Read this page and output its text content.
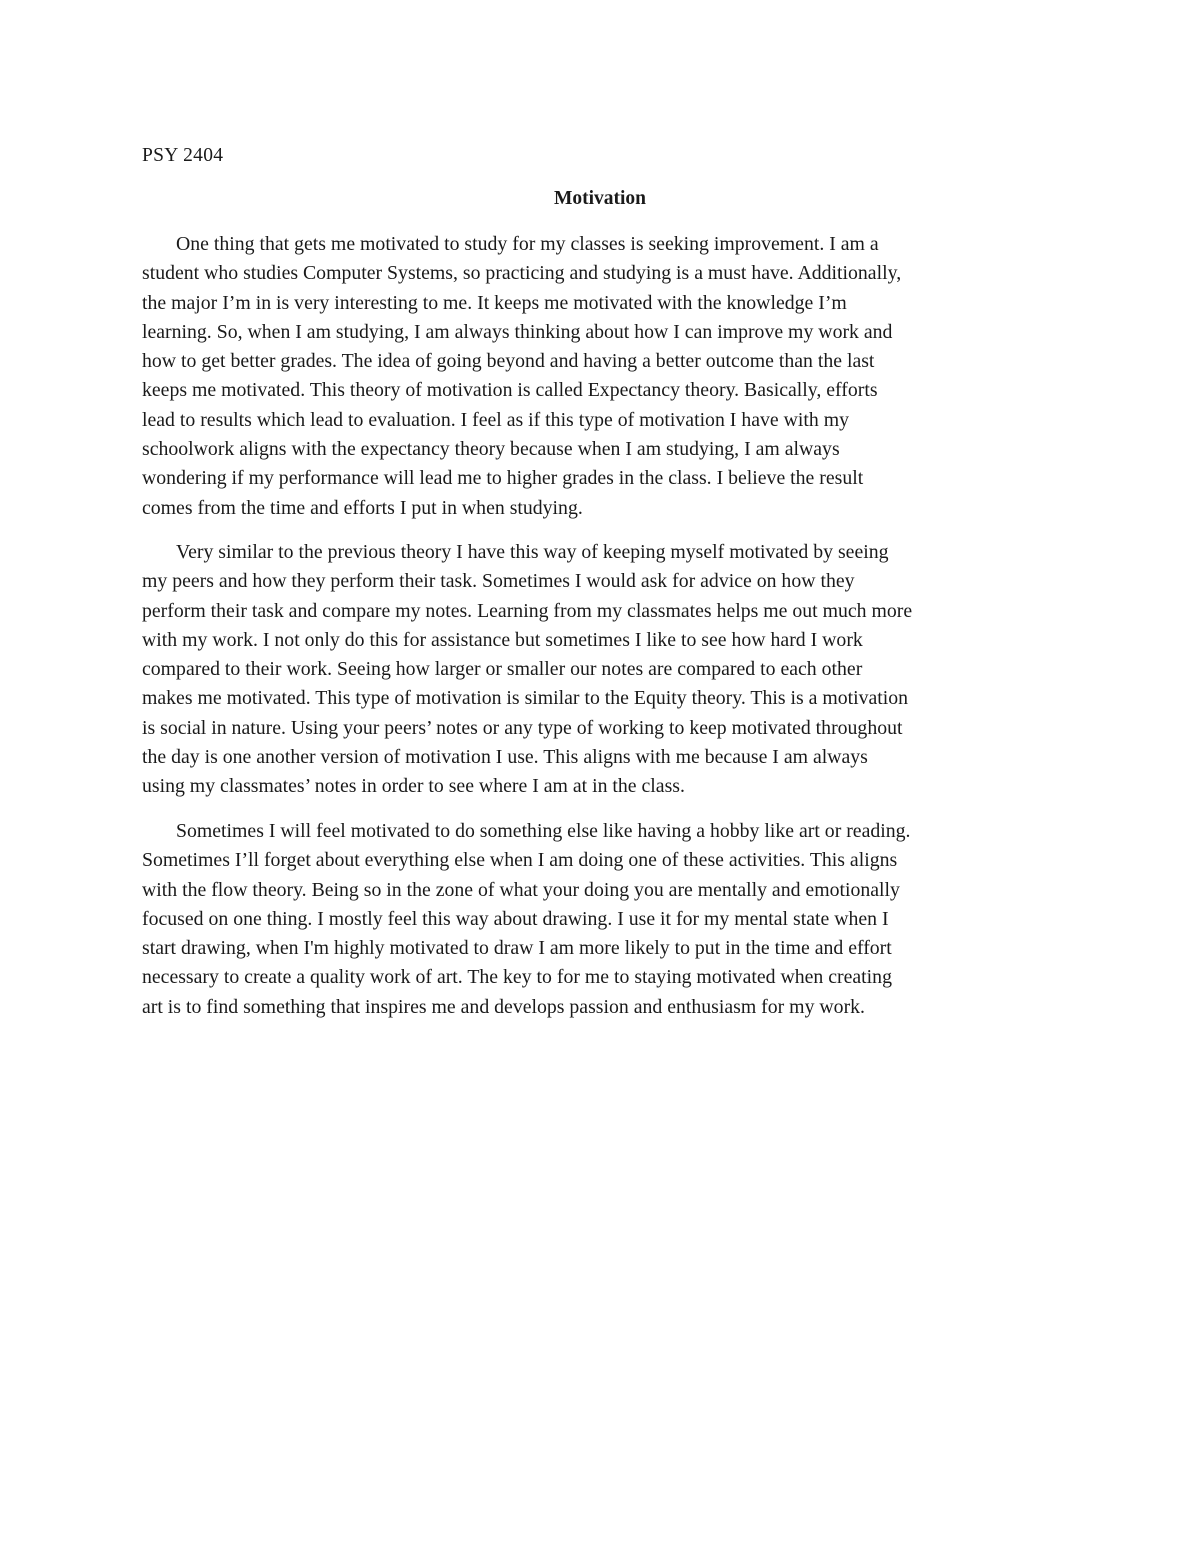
PSY 2404
Motivation
One thing that gets me motivated to study for my classes is seeking improvement. I am a
student who studies Computer Systems, so practicing and studying is a must have. Additionally,
the major I’m in is very interesting to me. It keeps me motivated with the knowledge I’m
learning. So, when I am studying, I am always thinking about how I can improve my work and
how to get better grades. The idea of going beyond and having a better outcome than the last
keeps me motivated. This theory of motivation is called Expectancy theory. Basically, efforts
lead to results which lead to evaluation. I feel as if this type of motivation I have with my
schoolwork aligns with the expectancy theory because when I am studying, I am always
wondering if my performance will lead me to higher grades in the class. I believe the result
comes from the time and efforts I put in when studying.
Very similar to the previous theory I have this way of keeping myself motivated by seeing
my peers and how they perform their task. Sometimes I would ask for advice on how they
perform their task and compare my notes. Learning from my classmates helps me out much more
with my work. I not only do this for assistance but sometimes I like to see how hard I work
compared to their work. Seeing how larger or smaller our notes are compared to each other
makes me motivated. This type of motivation is similar to the Equity theory. This is a motivation
is social in nature. Using your peers’ notes or any type of working to keep motivated throughout
the day is one another version of motivation I use. This aligns with me because I am always
using my classmates’ notes in order to see where I am at in the class.
Sometimes I will feel motivated to do something else like having a hobby like art or reading.
Sometimes I’ll forget about everything else when I am doing one of these activities. This aligns
with the flow theory. Being so in the zone of what your doing you are mentally and emotionally
focused on one thing. I mostly feel this way about drawing. I use it for my mental state when I
start drawing, when I'm highly motivated to draw I am more likely to put in the time and effort
necessary to create a quality work of art. The key to for me to staying motivated when creating
art is to find something that inspires me and develops passion and enthusiasm for my work.
